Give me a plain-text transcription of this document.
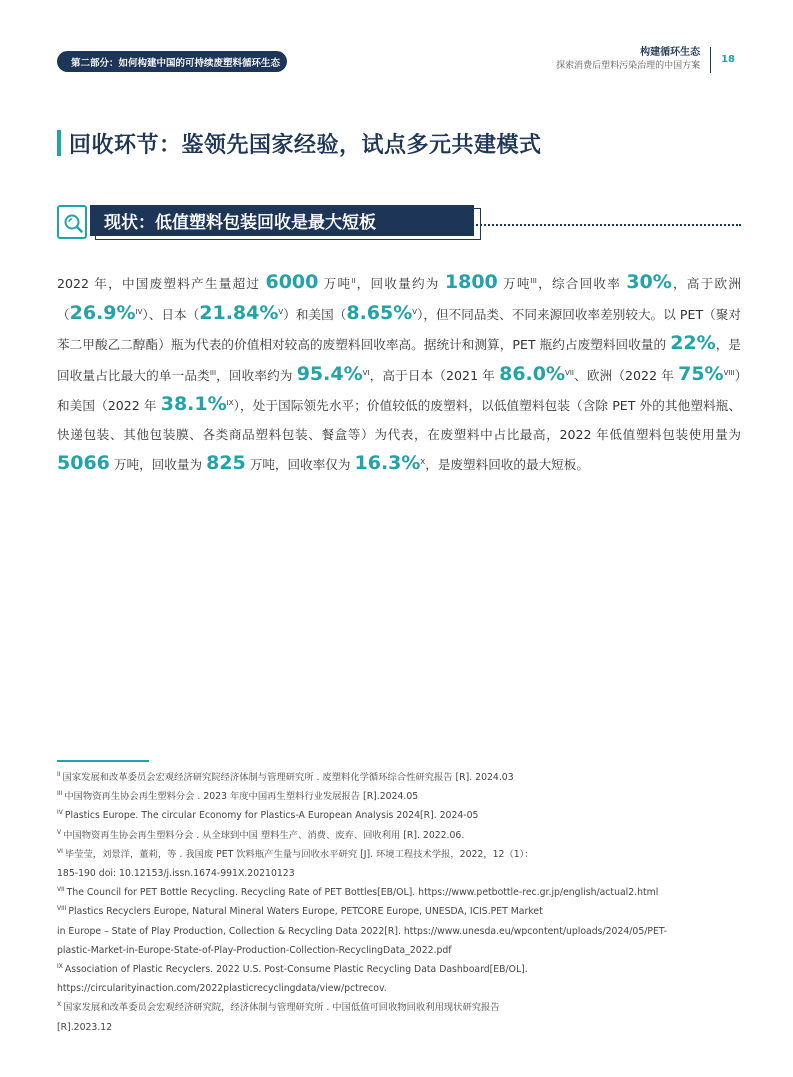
第二部分：如何构建中国的可持续废塑料循环生态
构建循环生态
探索消费后塑料污染治理的中国方案
18
回收环节：鉴领先国家经验，试点多元共建模式
现状：低值塑料包装回收是最大短板

2022 年，中国废塑料产生量超过 6000 万吨$^{II}$，回收量约为 1800 万吨$^{III}$，综合回收率 30%，高于欧洲（26.9%$^{IV}$）、日本（21.84%$^V$）和美国（8.65%$^V$），但不同品类、不同来源回收率差别较大。以 PET（聚对苯二甲酸乙二醇酯）瓶为代表的价值相对较高的废塑料回收率高。据统计和测算，PET 瓶约占废塑料回收量的 22%，是回收量占比最大的单一品类$^{III}$，回收率约为 95.4%$^{VI}$，高于日本（2021 年 86.0%$^{VII}$、欧洲（2022 年 75%$^{VIII}$）和美国（2022 年 38.1%$^{IX}$），处于国际领先水平；价值较低的废塑料，以低值塑料包装（含除 PET 外的其他塑料瓶、快递包装、其他包装膜、各类商品塑料包装、餐盒等）为代表，在废塑料中占比最高，2022 年低值塑料包装使用量为 5066 万吨，回收量为 825 万吨，回收率仅为 16.3%$^X$，是废塑料回收的最大短板。

$^{II}$ 国家发展和改革委员会宏观经济研究院经济体制与管理研究所 . 废塑料化学循环综合性研究报告 [R]. 2024.03
$^{III}$ 中国物资再生协会再生塑料分会 . 2023 年度中国再生塑料行业发展报告 [R].2024.05
$^{IV}$ Plastics Europe. The circular Economy for Plastics-A European Analysis 2024[R]. 2024-05
$^V$ 中国物资再生协会再生塑料分会 . 从全球到中国 塑料生产、消费、废弃、回收利用 [R]. 2022.06.
$^{VI}$ 毕莹莹，刘景洋，董莉，等 . 我国废 PET 饮料瓶产生量与回收水平研究 [J]. 环境工程技术学报，2022，12（1）：
185-190 doi: 10.12153/j.issn.1674-991X.20210123
$^{VII}$ The Council for PET Bottle Recycling. Recycling Rate of PET Bottles[EB/OL]. https://www.petbottle-rec.gr.jp/english/actual2.html
$^{VIII}$ Plastics Recyclers Europe, Natural Mineral Waters Europe, PETCORE Europe, UNESDA, ICIS.PET Market
in Europe – State of Play Production, Collection & Recycling Data 2022[R]. https://www.unesda.eu/wpcontent/uploads/2024/05/PET-
plastic-Market-in-Europe-State-of-Play-Production-Collection-RecyclingData_2022.pdf
$^{IX}$ Association of Plastic Recyclers. 2022 U.S. Post-Consume Plastic Recycling Data Dashboard[EB/OL].
https://circularityinaction.com/2022plasticrecyclingdata/view/pctrecov.
$^X$ 国家发展和改革委员会宏观经济研究院，经济体制与管理研究所 . 中国低值可回收物回收利用现状研究报告
[R].2023.12
